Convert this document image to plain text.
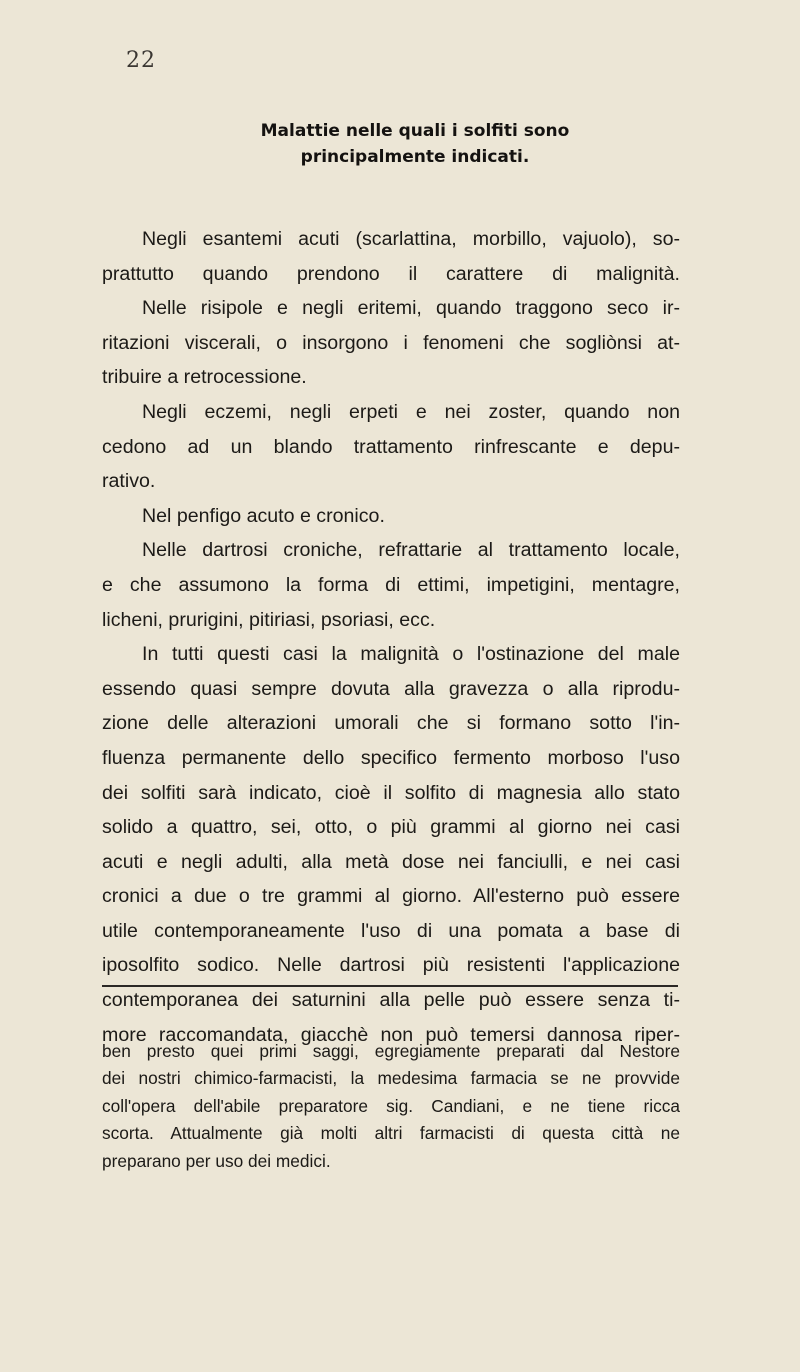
22
Malattie nelle quali i solfiti sono
principalmente indicati.
Negli esantemi acuti (scarlattina, morbillo, vajuolo), so-
prattutto quando prendono il carattere di malignità.
Nelle risipole e negli eritemi, quando traggono seco ir-
ritazioni viscerali, o insorgono i fenomeni che sogliònsi at-
tribuire a retrocessione.
Negli eczemi, negli erpeti e nei zoster, quando non
cedono ad un blando trattamento rinfrescante e depu-
rativo.
Nel penfigo acuto e cronico.
Nelle dartrosi croniche, refrattarie al trattamento locale,
e che assumono la forma di ettimi, impetigini, mentagre,
licheni, prurigini, pitiriasi, psoriasi, ecc.
In tutti questi casi la malignità o l'ostinazione del male
essendo quasi sempre dovuta alla gravezza o alla riprodu-
zione delle alterazioni umorali che si formano sotto l'in-
fluenza permanente dello specifico fermento morboso l'uso
dei solfiti sarà indicato, cioè il solfito di magnesia allo stato
solido a quattro, sei, otto, o più grammi al giorno nei casi
acuti e negli adulti, alla metà dose nei fanciulli, e nei casi
cronici a due o tre grammi al giorno. All'esterno può essere
utile contemporaneamente l'uso di una pomata a base di
iposolfito sodico. Nelle dartrosi più resistenti l'applicazione
contemporanea dei saturnini alla pelle può essere senza ti-
more raccomandata, giacchè non può temersi dannosa riper-
ben presto quei primi saggi, egregiamente preparati dal Nestore
dei nostri chimico-farmacisti, la medesima farmacia se ne provvide
coll'opera dell'abile preparatore sig. Candiani, e ne tiene ricca
scorta. Attualmente già molti altri farmacisti di questa città ne
preparano per uso dei medici.
